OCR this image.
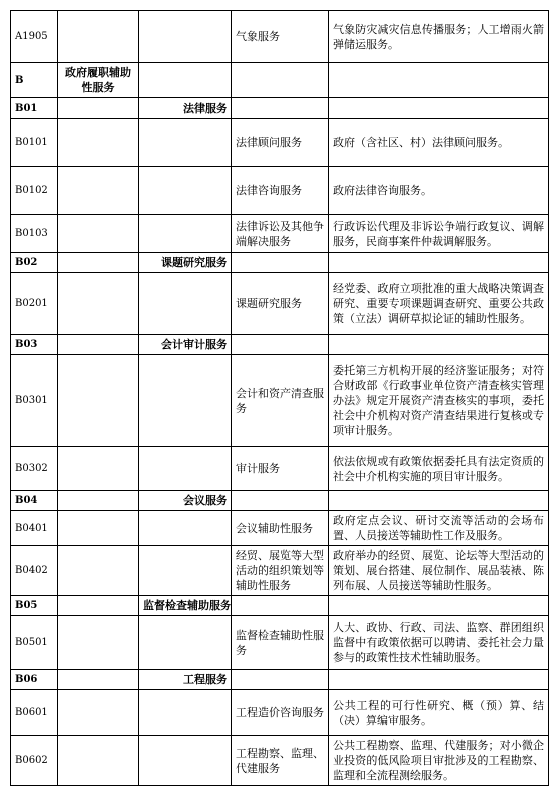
A1905			气象服务	气象防灾减灾信息传播服务；人工增雨火箭弹储运服务。
B	政府履职辅助性服务			
B01		法律服务		
B0101			法律顾问服务	政府（含社区、村）法律顾问服务。
B0102			法律咨询服务	政府法律咨询服务。
B0103			法律诉讼及其他争端解决服务	行政诉讼代理及非诉讼争端行政复议、调解服务，民商事案件仲裁调解服务。
B02		课题研究服务		
B0201			课题研究服务	经党委、政府立项批准的重大战略决策调查研究、重要专项课题调查研究、重要公共政策（立法）调研草拟论证的辅助性服务。
B03		会计审计服务		
B0301			会计和资产清查服务	委托第三方机构开展的经济鉴证服务；对符合财政部《行政事业单位资产清查核实管理办法》规定开展资产清查核实的事项，委托社会中介机构对资产清查结果进行复核或专项审计服务。
B0302			审计服务	依法依规或有政策依据委托具有法定资质的社会中介机构实施的项目审计服务。
B04		会议服务		
B0401			会议辅助性服务	政府定点会议、研讨交流等活动的会场布置、人员接送等辅助性工作及服务。
B0402			经贸、展览等大型活动的组织策划等辅助性服务	政府举办的经贸、展览、论坛等大型活动的策划、展台搭建、展位制作、展品装裱、陈列布展、人员接送等辅助性服务。
B05		监督检查辅助服务		
B0501			监督检查辅助性服务	人大、政协、行政、司法、监察、群团组织监督中有政策依据可以聘请、委托社会力量参与的政策性技术性辅助服务。
B06		工程服务		
B0601			工程造价咨询服务	公共工程的可行性研究、概（预）算、结（决）算编审服务。
B0602			工程勘察、监理、代建服务	公共工程勘察、监理、代建服务；对小微企业投资的低风险项目审批涉及的工程勘察、监理和全流程测绘服务。
